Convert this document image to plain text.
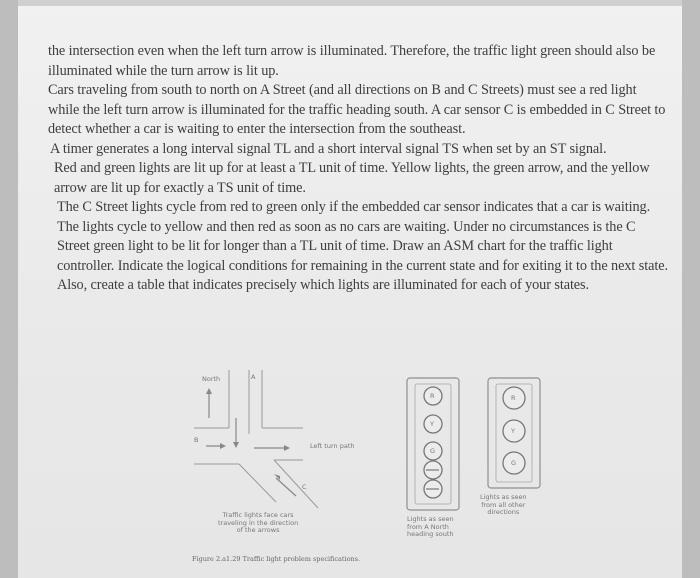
the intersection even when the left turn arrow is illuminated. Therefore, the traffic light green should also be illuminated while the turn arrow is lit up.

Cars traveling from south to north on A Street (and all directions on B and C Streets) must see a red light while the left turn arrow is illuminated for the traffic heading south. A car sensor C is embedded in C Street to detect whether a car is waiting to enter the intersection from the southeast.

A timer generates a long interval signal TL and a short interval signal TS when set by an ST signal.

Red and green lights are lit up for at least a TL unit of time. Yellow lights, the green arrow, and the yellow arrow are lit up for exactly a TS unit of time.

The C Street lights cycle from red to green only if the embedded car sensor indicates that a car is waiting. The lights cycle to yellow and then red as soon as no cars are waiting. Under no circumstances is the C Street green light to be lit for longer than a TL unit of time. Draw an ASM chart for the traffic light controller. Indicate the logical conditions for remaining in the current state and for exiting it to the next state. Also, create a table that indicates precisely which lights are illuminated for each of your states.

North	A
B
C
Left turn path
R
Y
G
R
Y
G
Traffic lights face cars
traveling in the direction
of the arrows
Lights as seen
from A North
heading south
Lights as seen
from all other
directions
Figure 2.a1.29 Traffic light problem specifications.
